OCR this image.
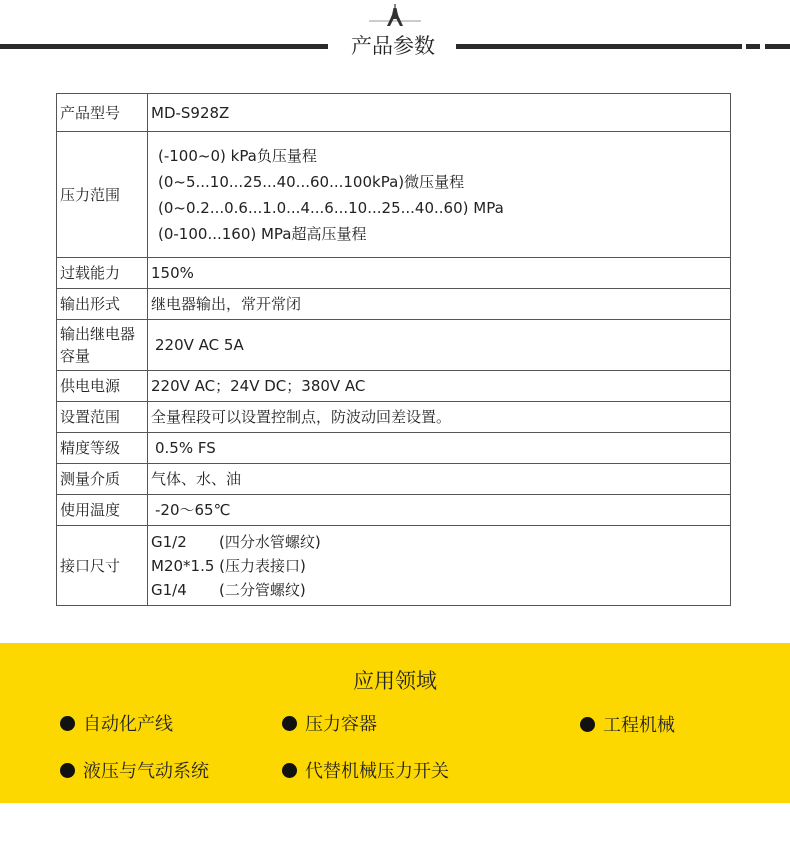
产品参数
产品型号	MD-S928Z
压力范围	(-100~0) kPa负压量程
(0~5...10...25...40...60...100kPa)微压量程
(0~0.2...0.6...1.0...4...6...10...25...40..60) MPa
(0-100...160) MPa超高压量程

过载能力	150%
输出形式	继电器输出，常开常闭

输出继电器
容量	220V AC 5A
供电电源	220V AC；24V DC；380V AC
设置范围	全量程段可以设置控制点，防波动回差设置。
精度等级	0.5% FS
测量介质	气体、水、油
使用温度	-20～65℃
接口尺寸	G1/2 (四分水管螺纹)
M20*1.5 (压力表接口)
G1/4 (二分管螺纹)
应用领域
自动化产线	压力容器	工程机械
液压与气动系统	代替机械压力开关
